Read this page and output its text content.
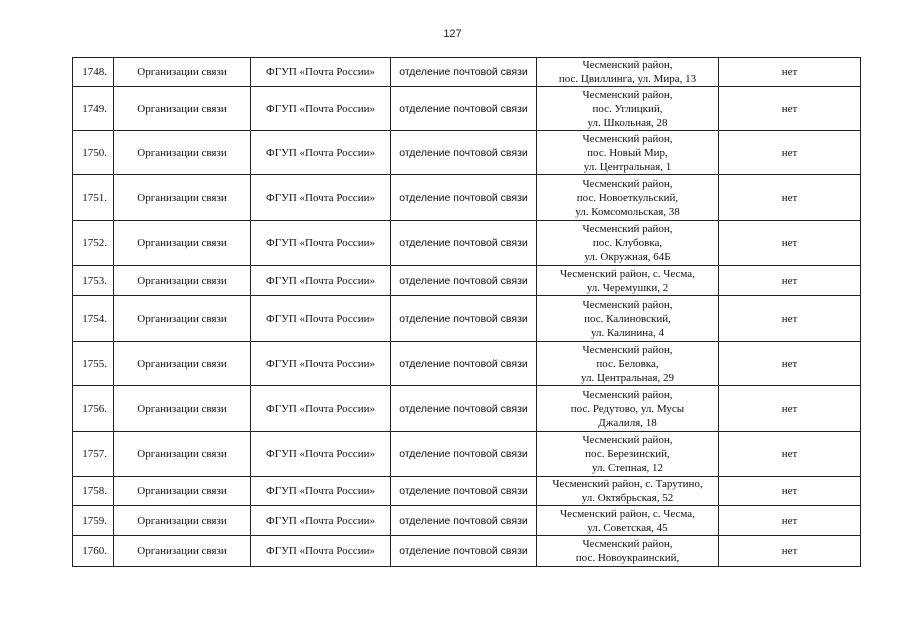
127
1748.	Организации связи	ФГУП «Почта России»	отделение почтовой связи	Чесменский район,
пос. Цвиллинга, ул. Мира, 13	нет
1749.	Организации связи	ФГУП «Почта России»	отделение почтовой связи	Чесменский район,
пос. Углицкий,
ул. Школьная, 28	нет
1750.	Организации связи	ФГУП «Почта России»	отделение почтовой связи	Чесменский район,
пос. Новый Мир,
ул. Центральная, 1	нет
1751.	Организации связи	ФГУП «Почта России»	отделение почтовой связи	Чесменский район,
пос. Новоеткульский,
ул. Комсомольская, 38	нет
1752.	Организации связи	ФГУП «Почта России»	отделение почтовой связи	Чесменский район,
пос. Клубовка,
ул. Окружная, 64Б	нет
1753.	Организации связи	ФГУП «Почта России»	отделение почтовой связи	Чесменский район, с. Чесма,
ул. Черемушки, 2	нет
1754.	Организации связи	ФГУП «Почта России»	отделение почтовой связи	Чесменский район,
пос. Калиновский,
ул. Калинина, 4	нет
1755.	Организации связи	ФГУП «Почта России»	отделение почтовой связи	Чесменский район,
пос. Беловка,
ул. Центральная, 29	нет
1756.	Организации связи	ФГУП «Почта России»	отделение почтовой связи	Чесменский район,
пос. Редутово, ул. Мусы
Джалиля, 18	нет
1757.	Организации связи	ФГУП «Почта России»	отделение почтовой связи	Чесменский район,
пос. Березинский,
ул. Степная, 12	нет
1758.	Организации связи	ФГУП «Почта России»	отделение почтовой связи	Чесменский район, с. Тарутино,
ул. Октябрьская, 52	нет
1759.	Организации связи	ФГУП «Почта России»	отделение почтовой связи	Чесменский район, с. Чесма,
ул. Советская, 45	нет
1760.	Организации связи	ФГУП «Почта России»	отделение почтовой связи	Чесменский район,
пос. Новоукраинский,	нет
